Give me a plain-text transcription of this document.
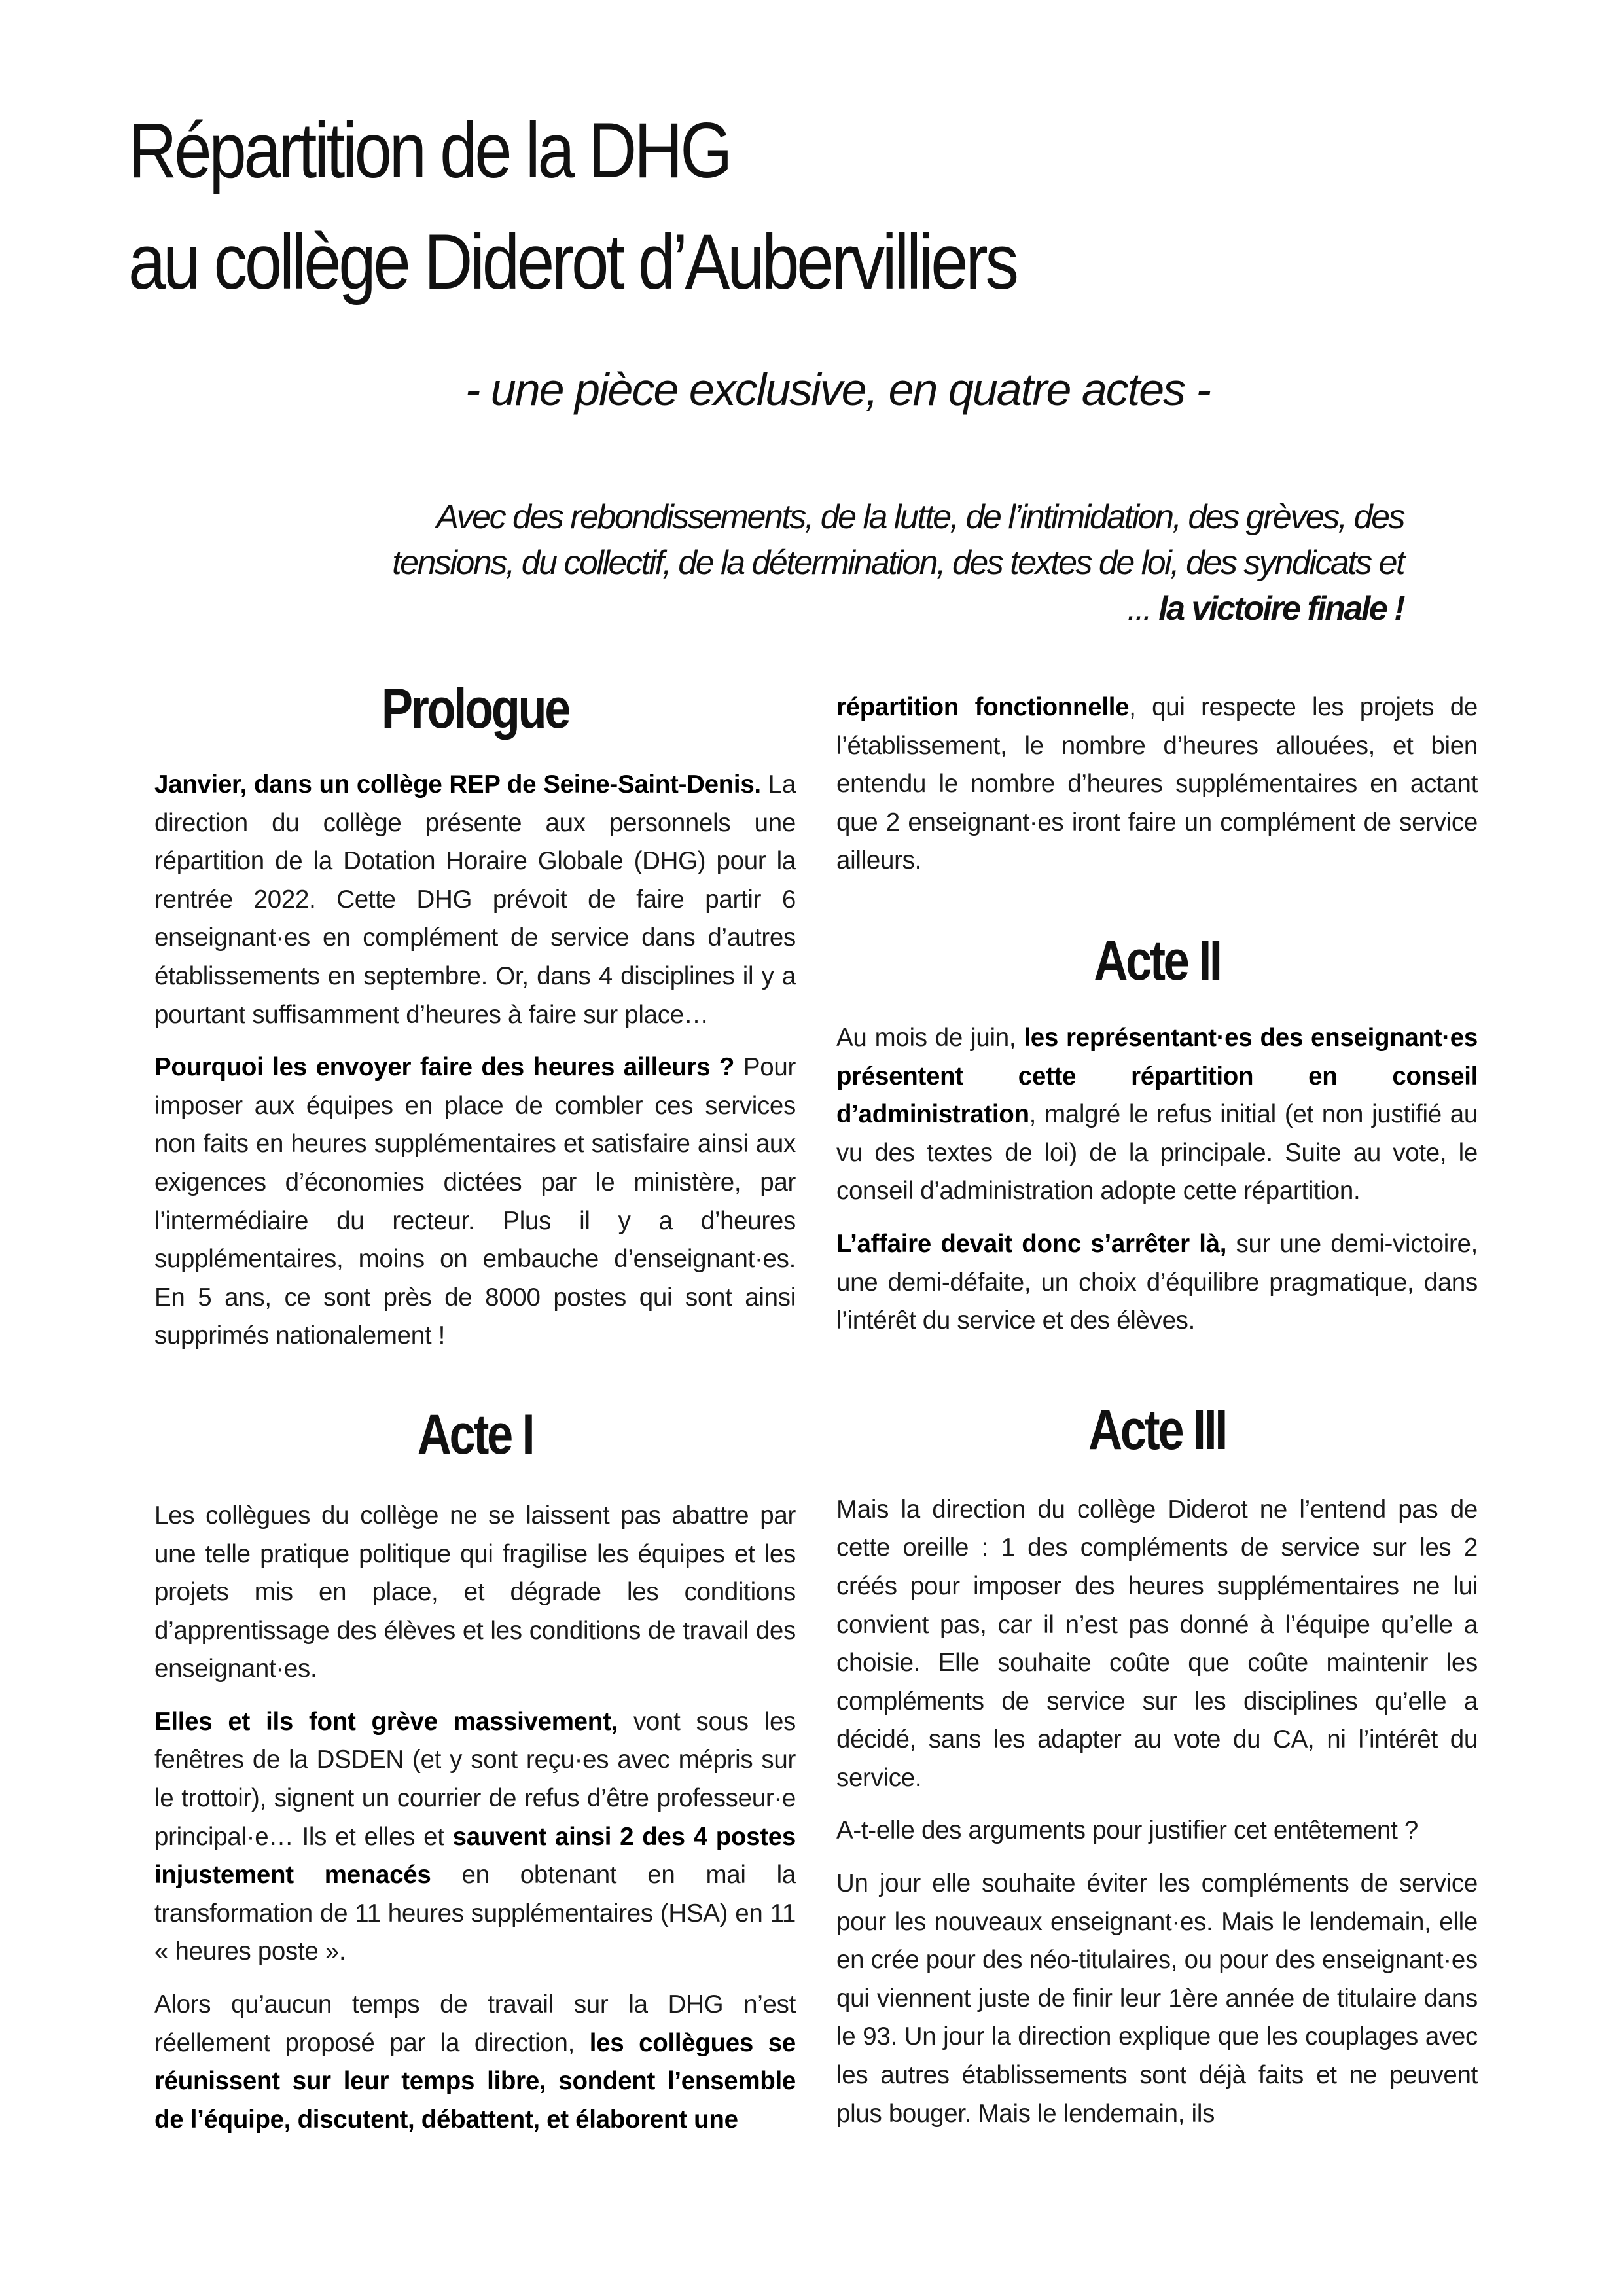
Répartition de la DHG
au collège Diderot d’Aubervilliers
- une pièce exclusive, en quatre actes -
Avec des rebondissements, de la lutte, de l’intimidation, des grèves, des
tensions, du collectif, de la détermination, des textes de loi, des syndicats et
... la victoire finale !
Prologue

Janvier, dans un collège REP de Seine-Saint-Denis. La direction du collège présente aux personnels une répartition de la Dotation Horaire Globale (DHG) pour la rentrée 2022. Cette DHG prévoit de faire partir 6 enseignant·es en complément de service dans d’autres établissements en septembre. Or, dans 4 disciplines il y a pourtant suffisamment d’heures à faire sur place…

Pourquoi les envoyer faire des heures ailleurs ? Pour imposer aux équipes en place de combler ces services non faits en heures supplémentaires et satisfaire ainsi aux exigences d’économies dictées par le ministère, par l’intermédiaire du recteur. Plus il y a d’heures supplémentaires, moins on embauche d’enseignant·es. En 5 ans, ce sont près de 8000 postes qui sont ainsi supprimés nationalement !

Acte I

Les collègues du collège ne se laissent pas abattre par une telle pratique politique qui fragilise les équipes et les projets mis en place, et dégrade les conditions d’apprentissage des élèves et les conditions de travail des enseignant·es.

Elles et ils font grève massivement, vont sous les fenêtres de la DSDEN (et y sont reçu·es avec mépris sur le trottoir), signent un courrier de refus d’être professeur·e principal·e… Ils et elles et sauvent ainsi 2 des 4 postes injustement menacés en obtenant en mai la transformation de 11 heures supplémentaires (HSA) en 11 « heures poste ».

Alors qu’aucun temps de travail sur la DHG n’est réellement proposé par la direction, les collègues se réunissent sur leur temps libre, sondent l’ensemble de l’équipe, discutent, débattent, et élaborent une

répartition fonctionnelle, qui respecte les projets de l’établissement, le nombre d’heures allouées, et bien entendu le nombre d’heures supplémentaires en actant que 2 enseignant·es iront faire un complément de service ailleurs.

Acte II

Au mois de juin, les représentant·es des enseignant·es présentent cette répartition en conseil d’administration, malgré le refus initial (et non justifié au vu des textes de loi) de la principale. Suite au vote, le conseil d’administration adopte cette répartition.

L’affaire devait donc s’arrêter là, sur une demi-victoire, une demi-défaite, un choix d’équilibre pragmatique, dans l’intérêt du service et des élèves.

Acte III

Mais la direction du collège Diderot ne l’entend pas de cette oreille : 1 des compléments de service sur les 2 créés pour imposer des heures supplémentaires ne lui convient pas, car il n’est pas donné à l’équipe qu’elle a choisie. Elle souhaite coûte que coûte maintenir les compléments de service sur les disciplines qu’elle a décidé, sans les adapter au vote du CA, ni l’intérêt du service.

A-t-elle des arguments pour justifier cet entêtement ?

Un jour elle souhaite éviter les compléments de service pour les nouveaux enseignant·es. Mais le lendemain, elle en crée pour des néo-titulaires, ou pour des enseignant·es qui viennent juste de finir leur 1ère année de titulaire dans le 93. Un jour la direction explique que les couplages avec les autres établissements sont déjà faits et ne peuvent plus bouger. Mais le lendemain, ils
